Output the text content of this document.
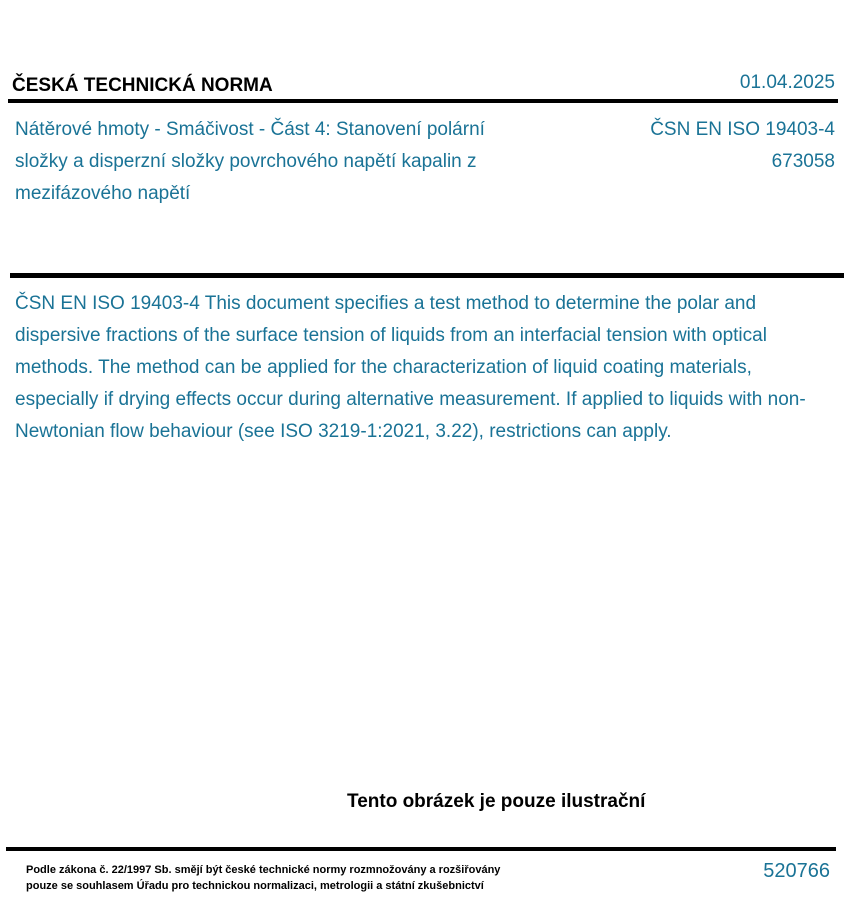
ČESKÁ TECHNICKÁ NORMA	01.04.2025
Nátěrové hmoty - Smáčivost - Část 4: Stanovení polární složky a disperzní složky povrchového napětí kapalin z mezifázového napětí
ČSN EN ISO 19403-4
673058
ČSN EN ISO 19403-4 This document specifies a test method to determine the polar and dispersive fractions of the surface tension of liquids from an interfacial tension with optical methods. The method can be applied for the characterization of liquid coating materials, especially if drying effects occur during alternative measurement. If applied to liquids with non-Newtonian flow behaviour (see ISO 3219-1:2021, 3.22), restrictions can apply.
Tento obrázek je pouze ilustrační
Podle zákona č. 22/1997 Sb. smějí být české technické normy rozmnožovány a rozšiřovány
pouze se souhlasem Úřadu pro technickou normalizaci, metrologii a státní zkušebnictví
520766
